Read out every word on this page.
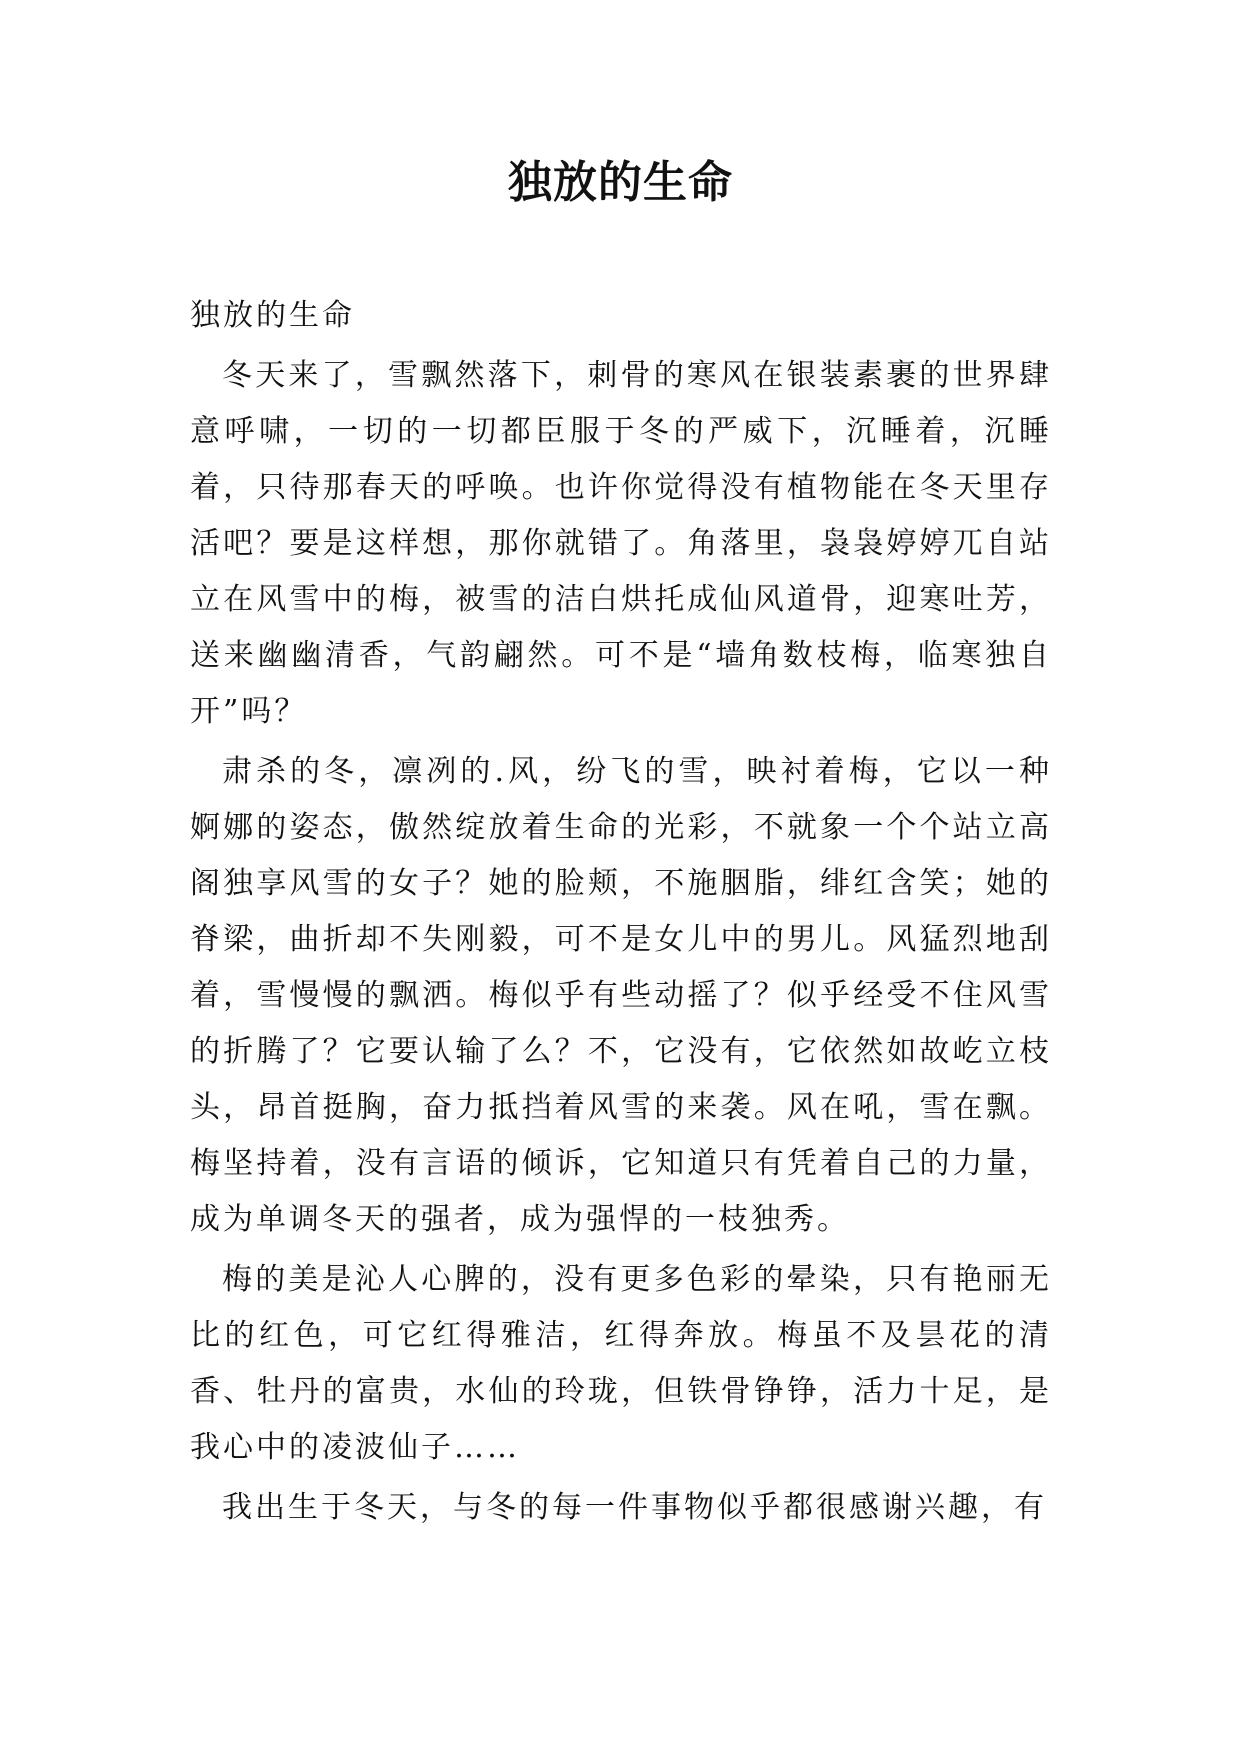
独放的生命

独放的生命

冬天来了，雪飘然落下，刺骨的寒风在银装素裹的世界肆意呼啸，一切的一切都臣服于冬的严威下，沉睡着，沉睡着，只待那春天的呼唤。也许你觉得没有植物能在冬天里存活吧？要是这样想，那你就错了。角落里，袅袅婷婷兀自站立在风雪中的梅，被雪的洁白烘托成仙风道骨，迎寒吐芳，送来幽幽清香，气韵翩然。可不是“墙角数枝梅，临寒独自开”吗？

肃杀的冬，凛冽的.风，纷飞的雪，映衬着梅，它以一种婀娜的姿态，傲然绽放着生命的光彩，不就象一个个站立高阁独享风雪的女子？她的脸颊，不施胭脂，绯红含笑；她的脊梁，曲折却不失刚毅，可不是女儿中的男儿。风猛烈地刮着，雪慢慢的飘洒。梅似乎有些动摇了？似乎经受不住风雪的折腾了？它要认输了么？不，它没有，它依然如故屹立枝头，昂首挺胸，奋力抵挡着风雪的来袭。风在吼，雪在飘。梅坚持着，没有言语的倾诉，它知道只有凭着自己的力量，成为单调冬天的强者，成为强悍的一枝独秀。

梅的美是沁人心脾的，没有更多色彩的晕染，只有艳丽无比的红色，可它红得雅洁，红得奔放。梅虽不及昙花的清香、牡丹的富贵，水仙的玲珑，但铁骨铮铮，活力十足，是我心中的凌波仙子……

我出生于冬天，与冬的每一件事物似乎都很感谢兴趣，有
